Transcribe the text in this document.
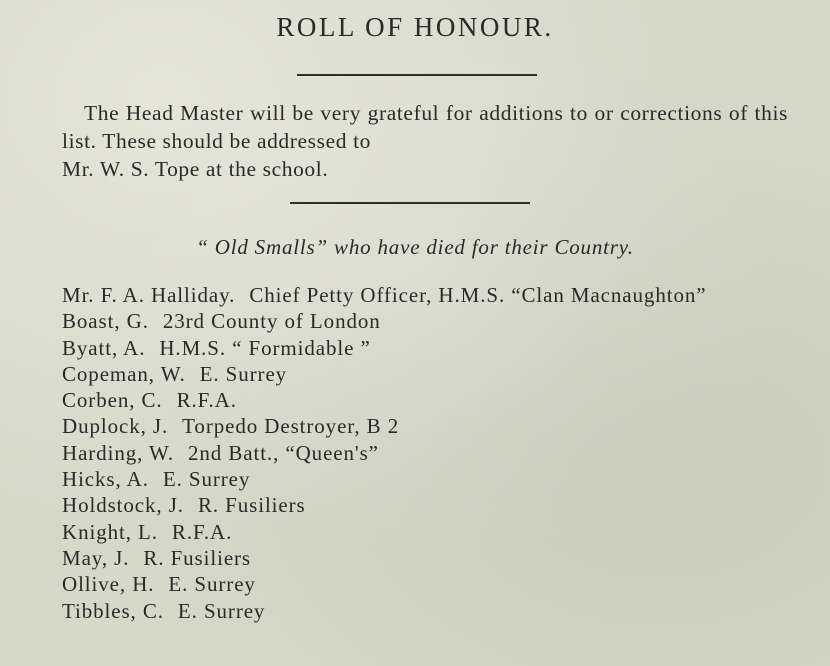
ROLL OF HONOUR.

The Head Master will be very grateful for additions to or corrections of this list. These should be addressed to

Mr. W. S. Tope at the school.

“ Old Smalls” who have died for their Country.
Mr. F. A. Halliday. Chief Petty Officer, H.M.S. “Clan Macnaughton”
Boast, G. 23rd County of London
Byatt, A. H.M.S. “ Formidable ”
Copeman, W. E. Surrey
Corben, C. R.F.A.
Duplock, J. Torpedo Destroyer, B 2
Harding, W. 2nd Batt., “Queen's”
Hicks, A. E. Surrey
Holdstock, J. R. Fusiliers
Knight, L. R.F.A.
May, J. R. Fusiliers
Ollive, H. E. Surrey
Tibbles, C. E. Surrey
